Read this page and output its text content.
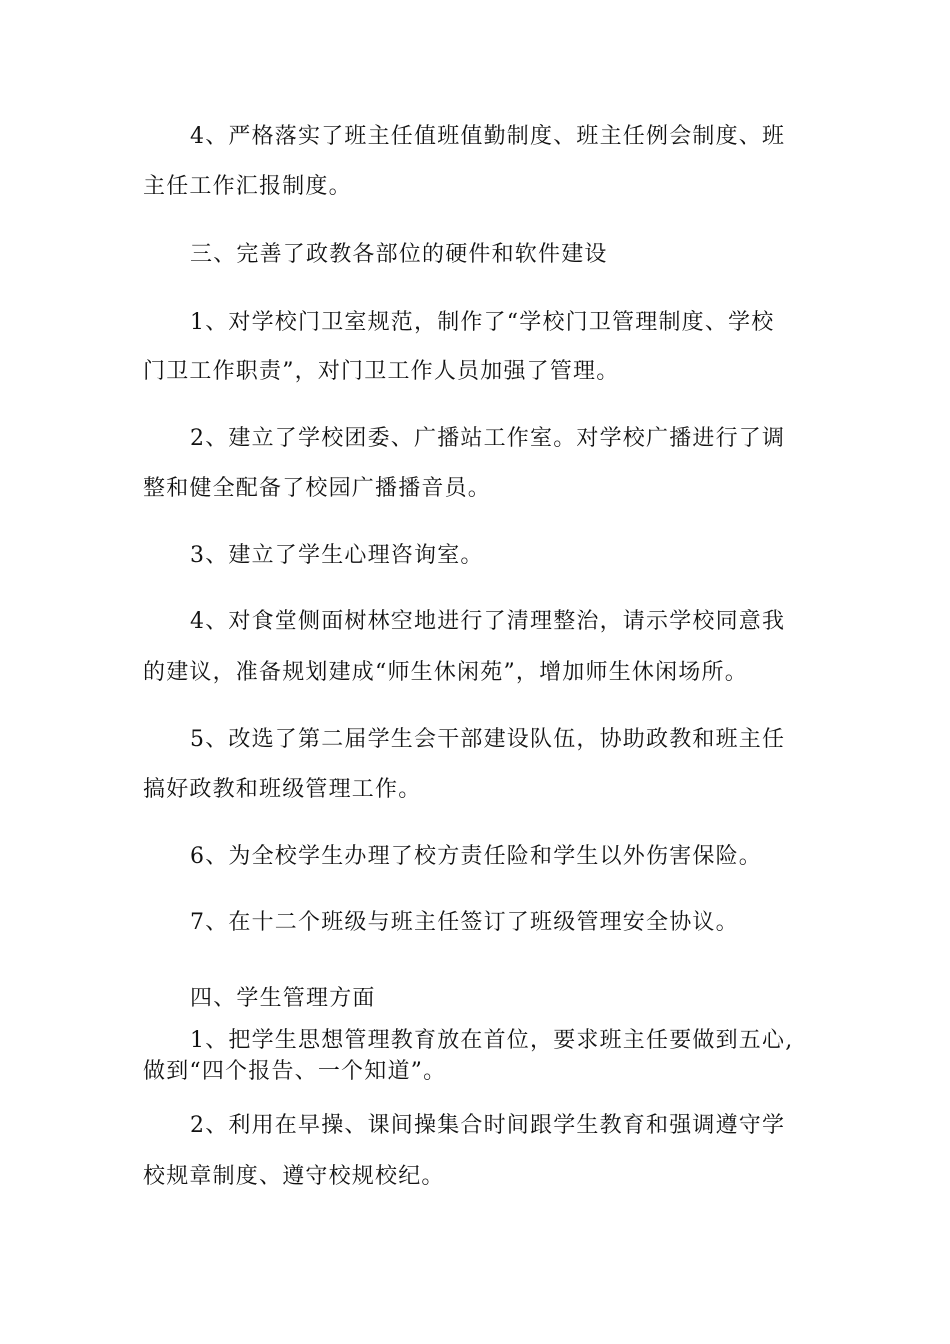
4、严格落实了班主任值班值勤制度、班主任例会制度、班
主任工作汇报制度。
三、完善了政教各部位的硬件和软件建设
1、对学校门卫室规范，制作了“学校门卫管理制度、学校
门卫工作职责”，对门卫工作人员加强了管理。
2、建立了学校团委、广播站工作室。对学校广播进行了调
整和健全配备了校园广播播音员。
3、建立了学生心理咨询室。
4、对食堂侧面树林空地进行了清理整治，请示学校同意我
的建议，准备规划建成“师生休闲苑”，增加师生休闲场所。
5、改选了第二届学生会干部建设队伍，协助政教和班主任
搞好政教和班级管理工作。
6、为全校学生办理了校方责任险和学生以外伤害保险。
7、在十二个班级与班主任签订了班级管理安全协议。
四、学生管理方面
1、把学生思想管理教育放在首位，要求班主任要做到五心,
做到“四个报告、一个知道”。
2、利用在早操、课间操集合时间跟学生教育和强调遵守学
校规章制度、遵守校规校纪。
